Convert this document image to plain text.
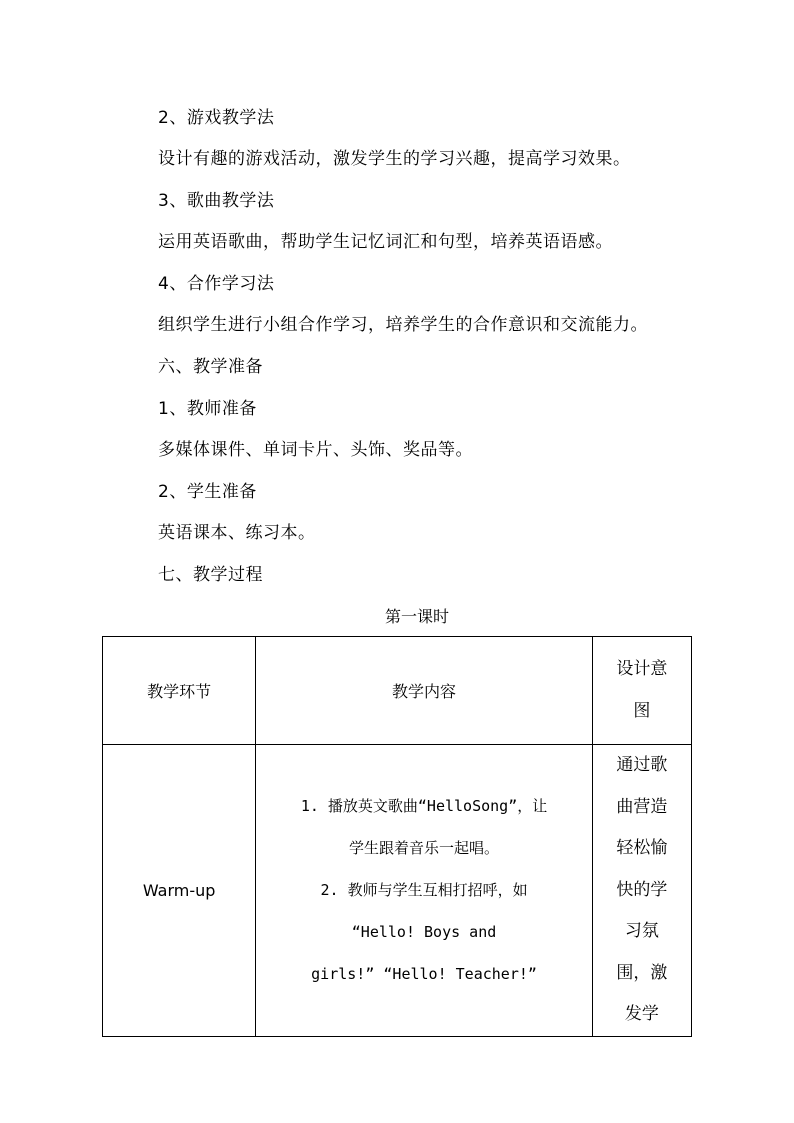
2、游戏教学法
设计有趣的游戏活动，激发学生的学习兴趣，提高学习效果。
3、歌曲教学法
运用英语歌曲，帮助学生记忆词汇和句型，培养英语语感。
4、合作学习法
组织学生进行小组合作学习，培养学生的合作意识和交流能力。
六、教学准备
1、教师准备
多媒体课件、单词卡片、头饰、奖品等。
2、学生准备
英语课本、练习本。
七、教学过程
第一课时
教学环节	教学内容	设计意图

Warm-up	1. 播放英文歌曲“HelloSong”，让
学生跟着音乐一起唱。
2. 教师与学生互相打招呼，如
“Hello! Boys and
girls!” “Hello! Teacher!”	通过歌曲营造轻松愉快的学习氛围，激发学
